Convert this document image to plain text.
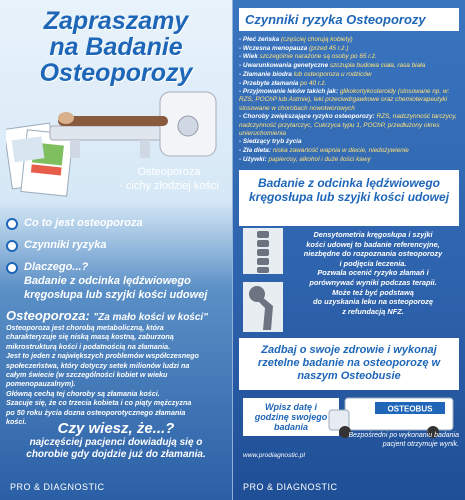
Zapraszamy
na Badanie
Osteoporozy
Osteoporoza
- cichy złodziej kości
Co to jest osteoporoza
Czynniki ryzyka
Dlaczego...?
Badanie z odcinka lędźwiowego kręgosłupa lub szyjki kości udowej
Osteoporoza: "Za mało kości w kości"
Osteoporoza jest chorobą metaboliczną, która
charakteryzuje się niską masą kostną, zaburzoną
mikrostrukturą kości i podatnością na złamania.
Jest to jeden z największych problemów współczesnego
społeczeństwa, który dotyczy setek milionów ludzi na
całym świecie (w szczególności kobiet w wieku
pomenopauzalnym).
Główną cechą tej choroby są złamania kości.
Szacuje się, że co trzecia kobieta i co piąty mężczyzna
po 50 roku życia dozna osteoporotycznego złamania
kości.	Czy wiesz, że...?
najczęściej pacjenci dowiadują się o
chorobie gdy dojdzie już do złamania.
PRO & DIAGNOSTIC
Czynniki ryzyka Osteoporozy
- Płeć żeńska (częściej chorują kobiety)
- Wczesna menopauza (przed 45 r.ż.)
- Wiek szczególnie narażone są osoby po 65 r.ż.
- Uwarunkowania genetyczne szczupła budowa ciała, rasa biała
- Złamanie biodra lub osteoporoza u rodziców
- Przebyte złamania po 40 r.ż.
- Przyjmowanie leków takich jak: glikokortykosteroidy (stosowane np. w: RZS, POChP lub Astmie), leki przeciwdrgawkowe oraz chemioterapeutyki stosowane w chorobach nowotworowych
- Choroby zwiększające ryzyko osteoporozy: RZS, nadczynność tarczycy, nadczynność przytarczyc, Cukrzyca typu 1, POChP, przedłużony okres unieruchomienia
- Siedzący tryb życia
- Zła dieta: niska zawartość wapnia w diecie, niedożywienie
- Używki: papierosy, alkohol i duże ilości kawy
Badanie z odcinka lędźwiowego kręgosłupa lub szyjki kości udowej
Densytometria kręgosłupa i szyjki
kości udowej to badanie referencyjne,
niezbędne do rozpoznania osteoporozy
i podjęcia leczenia.
Pozwala ocenić ryzyko złamań i
porównywać wyniki podczas terapii.
Może też być podstawą
do uzyskania leku na osteoporozę
z refundacją NFZ.
Zadbaj o swoje zdrowie i wykonaj rzetelne badanie na osteoporozę w naszym Osteobusie
Wpisz datę i godzinę swojego badania
OSTEOBUS
Bezpośredni po wykonaniu badania pacjent otrzymuje wynik.
www.prodiagnostic.pl
PRO & DIAGNOSTIC
